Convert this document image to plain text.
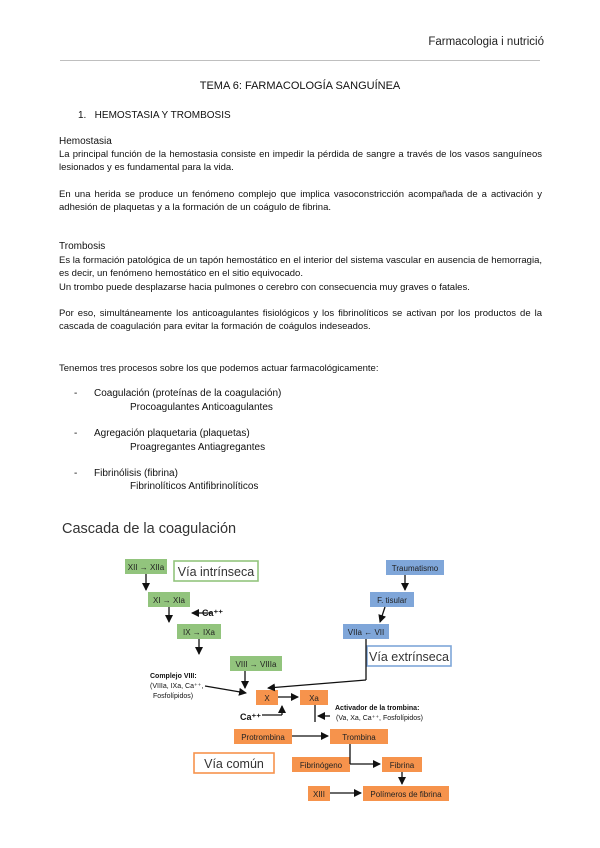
Farmacologia i nutrició
TEMA 6: FARMACOLOGÍA SANGUÍNEA
1.   HEMOSTASIA Y TROMBOSIS
Hemostasia
La principal función de la hemostasia consiste en impedir la pérdida de sangre a través de los vasos sanguíneos lesionados y es fundamental para la vida.
En una herida se produce un fenómeno complejo que implica vasoconstricción acompañada de a activación y adhesión de plaquetas y a la formación de un coágulo de fibrina.
Trombosis
Es la formación patológica de un tapón hemostático en el interior del sistema vascular en ausencia de hemorragia, es decir, un fenómeno hemostático en el sitio equivocado.
Un trombo puede desplazarse hacia pulmones o cerebro con consecuencia muy graves o fatales.
Por eso, simultáneamente los anticoagulantes fisiológicos y los fibrinolíticos se activan por los productos de la cascada de coagulación para evitar la formación de coágulos indeseados.
Tenemos tres procesos sobre los que podemos actuar farmacológicamente:
- Coagulación (proteínas de la coagulación)
Procoagulantes Anticoagulantes
- Agregación plaquetaria (plaquetas)
Proagregantes Antiagregantes
- Fibrinólisis (fibrina)
Fibrinolíticos Antifibrinolíticos
Cascada de la coagulación
Vía intrínseca
Vía extrínseca
Vía común
XII → XIIa
XI → XIa
IX → IXa
VIII → VIIIa
Traumatismo
F. tisular
VIIa ← VII
X	Xa
Protrombina	Trombina
Fibrinógeno	Fibrina
XIII	Polímeros de fibrina
Ca⁺⁺
Ca⁺⁺
Complejo VIII:
(VIIIa, IXa, Ca⁺⁺,
Fosfolípidos)
Activador de la trombina:
(Va, Xa, Ca⁺⁺, Fosfolípidos)
